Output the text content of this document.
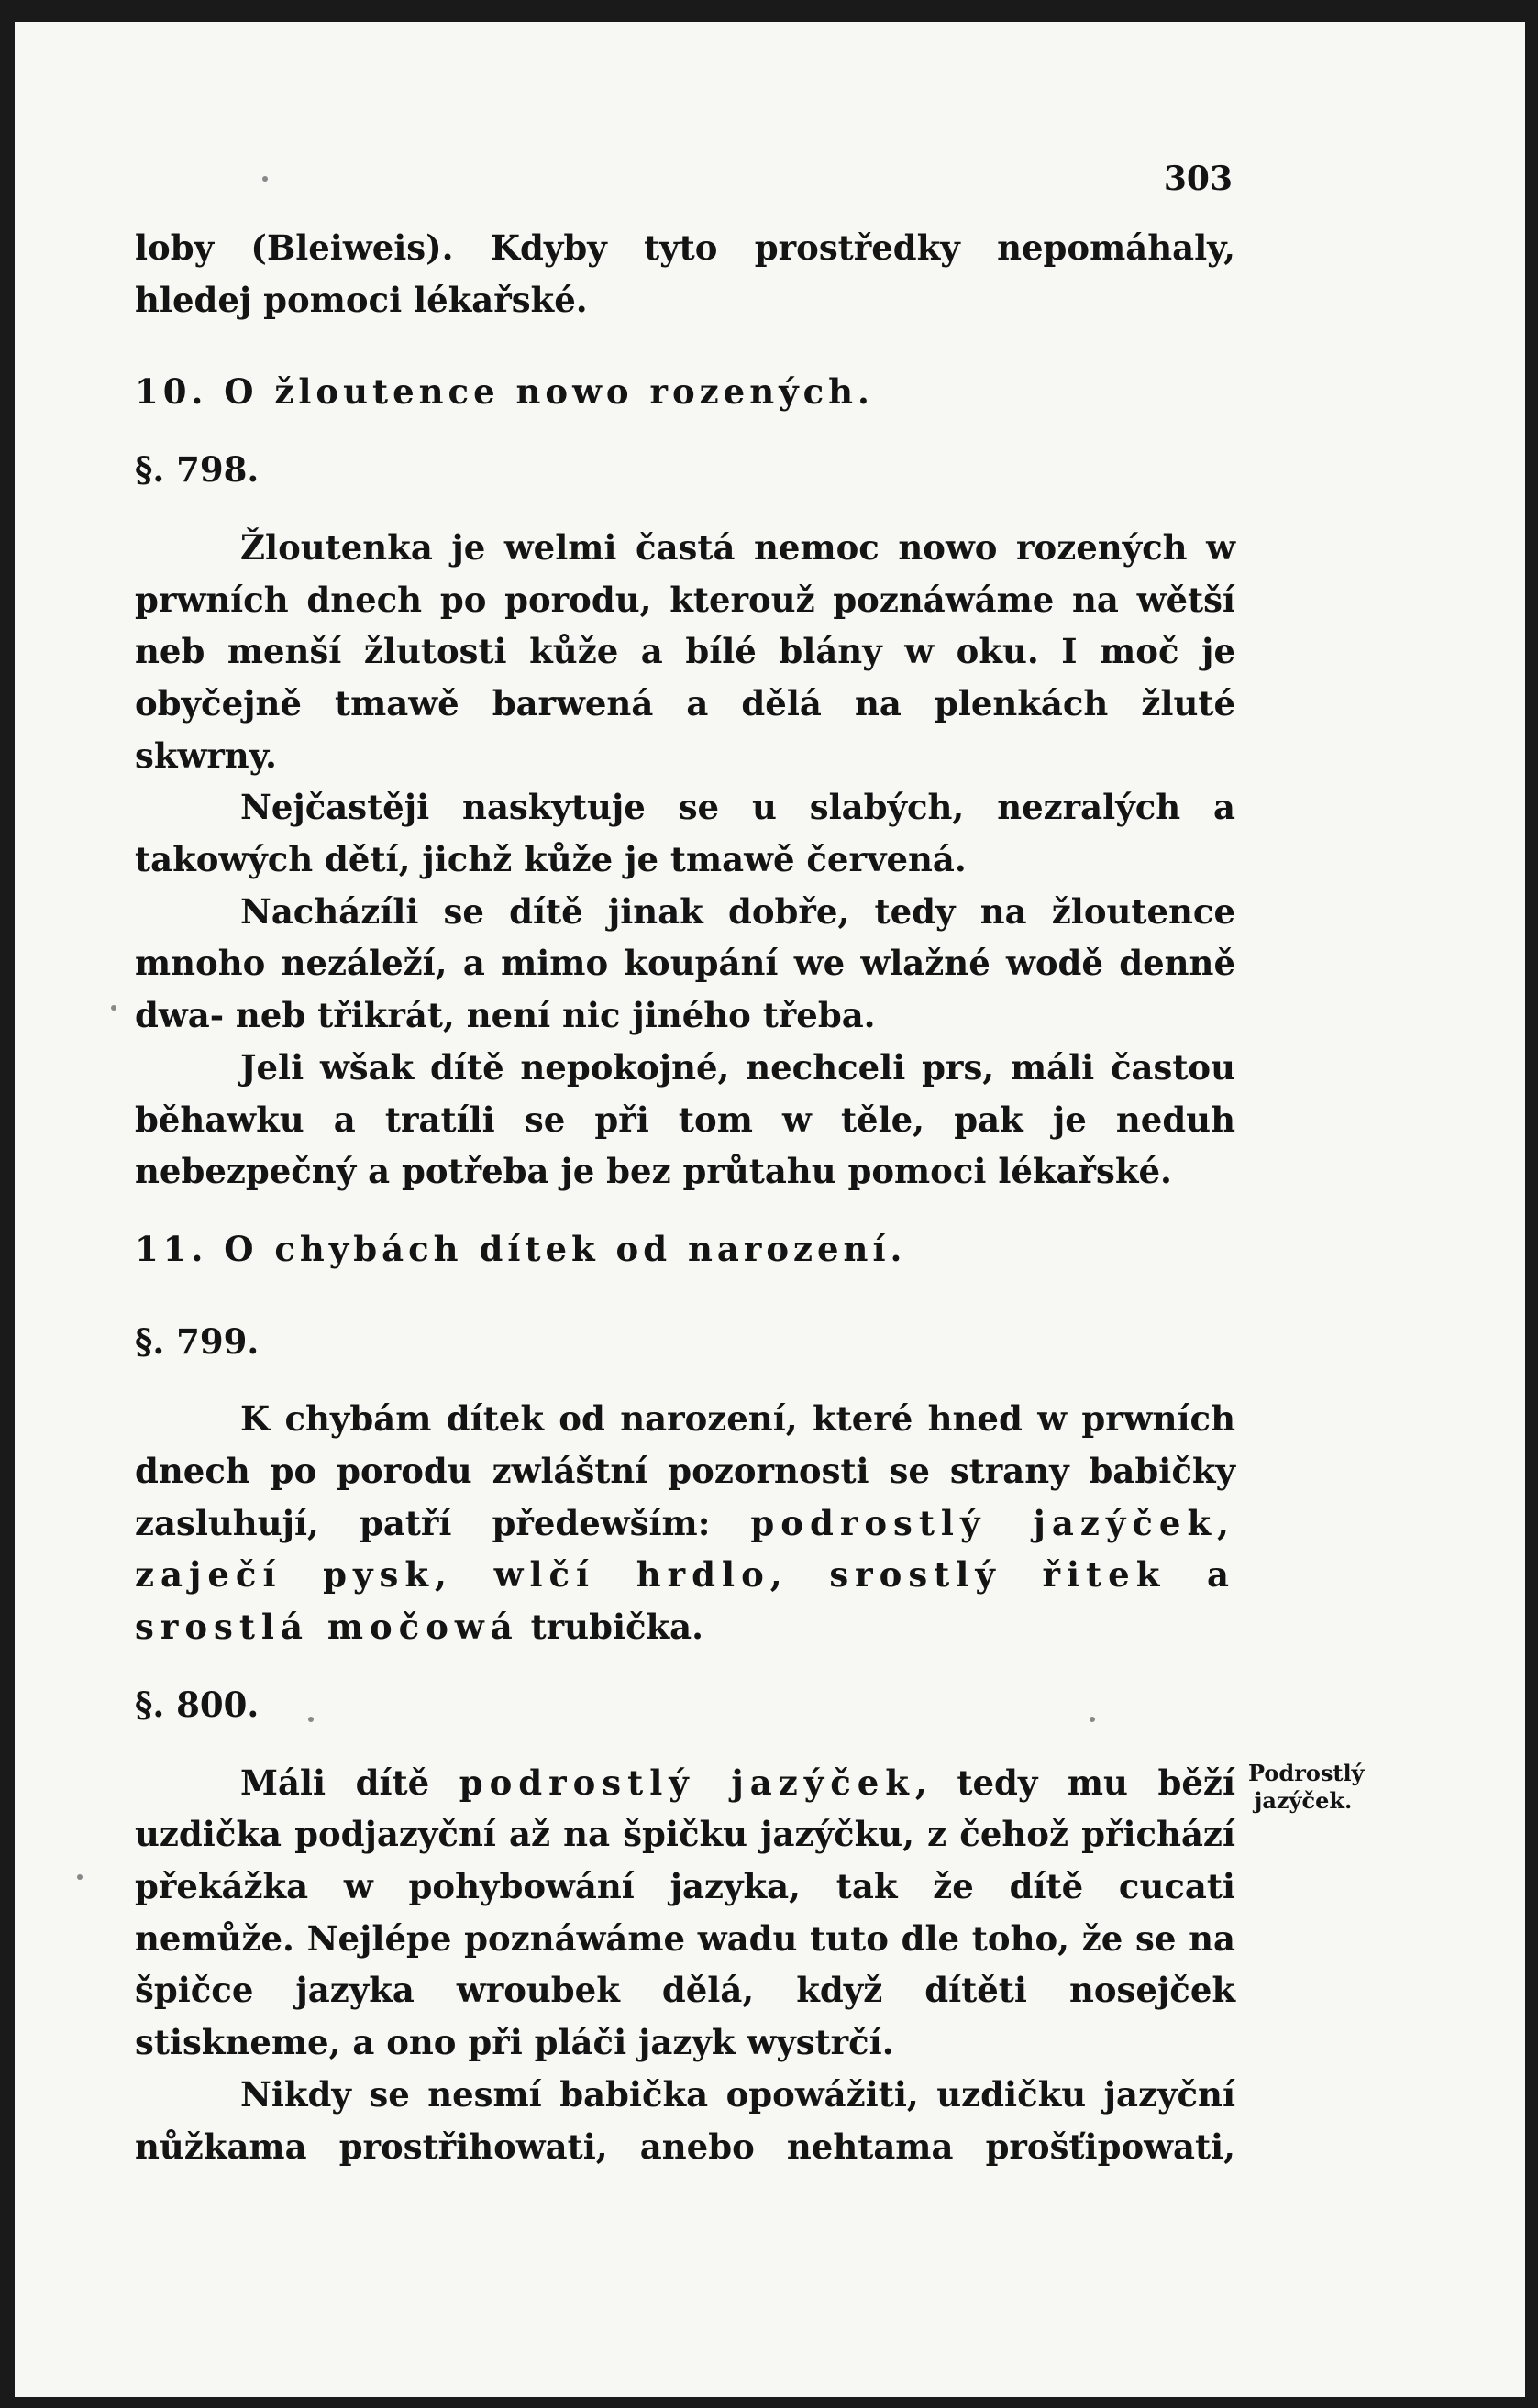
303

loby (Bleiweis). Kdyby tyto prostředky nepomáhaly, hledej pomoci lékařské.

10. O žloutence nowo rozených.

§. 798.

Žloutenka je welmi častá nemoc nowo rozených w prwních dnech po porodu, kterouž poznáwáme na wětší neb menší žlutosti kůže a bílé blány w oku. I moč je obyčejně tmawě barwená a dělá na plenkách žluté skwrny.

Nejčastěji naskytuje se u slabých, nezralých a takowých dětí, jichž kůže je tmawě červená.

Nacházíli se dítě jinak dobře, tedy na žloutence mnoho nezáleží, a mimo koupání we wlažné wodě denně dwa- neb třikrát, není nic jiného třeba.

Jeli wšak dítě nepokojné, nechceli prs, máli častou běhawku a tratíli se při tom w těle, pak je neduh nebezpečný a potřeba je bez průtahu pomoci lékařské.

11. O chybách dítek od narození.

§. 799.

K chybám dítek od narození, které hned w prwních dnech po porodu zwláštní pozornosti se strany babičky zasluhují, patří předewším: podrostlý jazýček, zaječí pysk, wlčí hrdlo, srostlý řitek a srostlá močowá trubička.

§. 800.

Máli dítě podrostlý jazýček, tedy mu běží uzdička podjazyční až na špičku jazýčku, z čehož přichází překážka w pohybowání jazyka, tak že dítě cucati nemůže. Nejlépe poznáwáme wadu tuto dle toho, že se na špičce jazyka wroubek dělá, když dítěti nosejček stiskneme, a ono při pláči jazyk wystrčí.

Nikdy se nesmí babička opowážiti, uzdičku jazyční nůžkama prostřihowati, anebo nehtama prošťipowati,

Podrostlý
jazýček.
